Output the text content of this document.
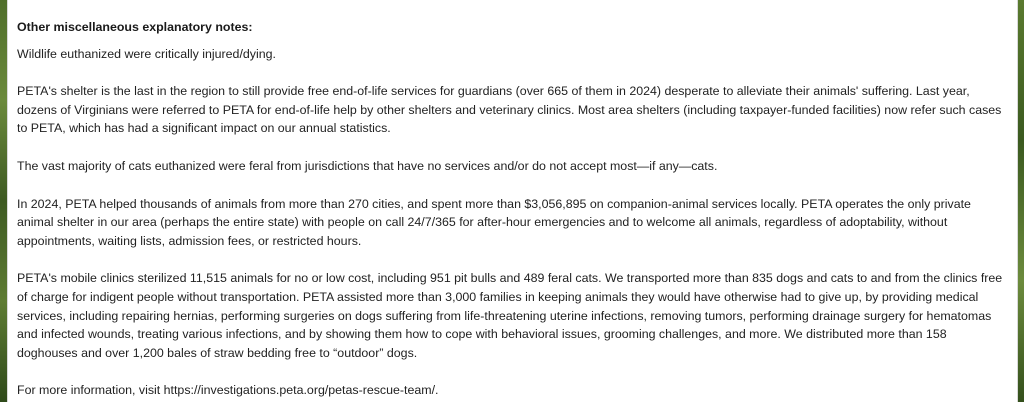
Other miscellaneous explanatory notes:

Wildlife euthanized were critically injured/dying.

PETA's shelter is the last in the region to still provide free end-of-life services for guardians (over 665 of them in 2024) desperate to alleviate their animals' suffering. Last year, dozens of Virginians were referred to PETA for end-of-life help by other shelters and veterinary clinics. Most area shelters (including taxpayer-funded facilities) now refer such cases to PETA, which has had a significant impact on our annual statistics.

The vast majority of cats euthanized were feral from jurisdictions that have no services and/or do not accept most—if any—cats.

In 2024, PETA helped thousands of animals from more than 270 cities, and spent more than $3,056,895 on companion-animal services locally. PETA operates the only private animal shelter in our area (perhaps the entire state) with people on call 24/7/365 for after-hour emergencies and to welcome all animals, regardless of adoptability, without appointments, waiting lists, admission fees, or restricted hours.

PETA's mobile clinics sterilized 11,515 animals for no or low cost, including 951 pit bulls and 489 feral cats. We transported more than 835 dogs and cats to and from the clinics free of charge for indigent people without transportation. PETA assisted more than 3,000 families in keeping animals they would have otherwise had to give up, by providing medical services, including repairing hernias, performing surgeries on dogs suffering from life-threatening uterine infections, removing tumors, performing drainage surgery for hematomas and infected wounds, treating various infections, and by showing them how to cope with behavioral issues, grooming challenges, and more. We distributed more than 158 doghouses and over 1,200 bales of straw bedding free to “outdoor” dogs.

For more information, visit https://investigations.peta.org/petas-rescue-team/.
